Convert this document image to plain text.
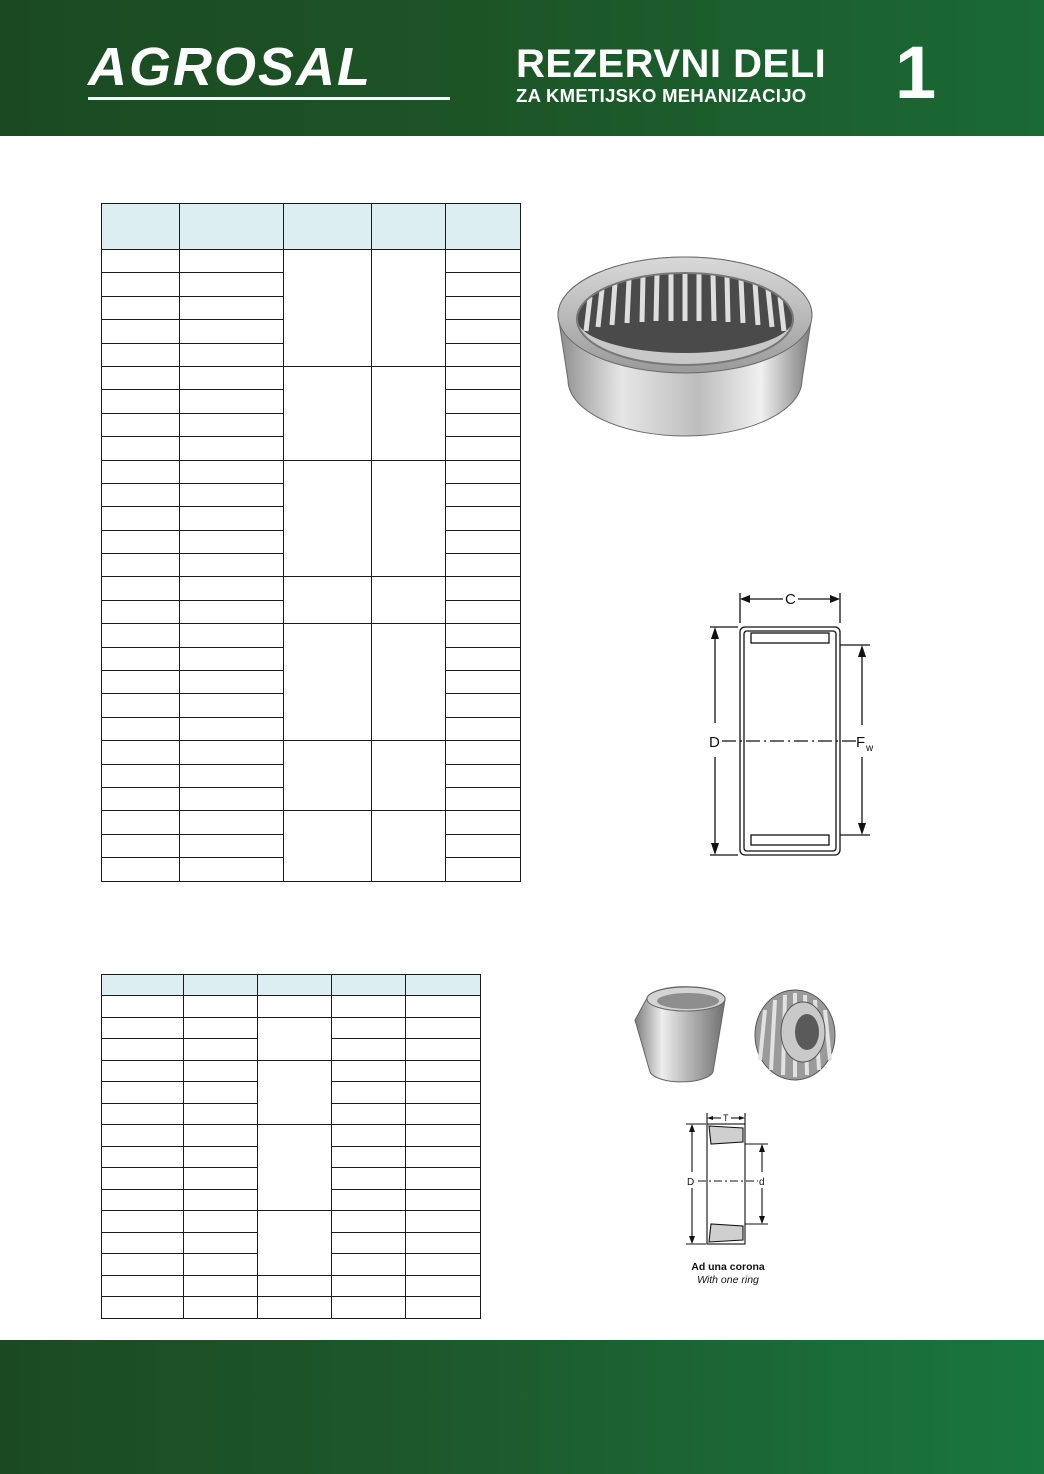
AGROSAL	REZERVNI DELI
ZA KMETIJSKO MEHANIZACIJO 1

C
D	F w

T
D	d
Ad una corona
With one ring
